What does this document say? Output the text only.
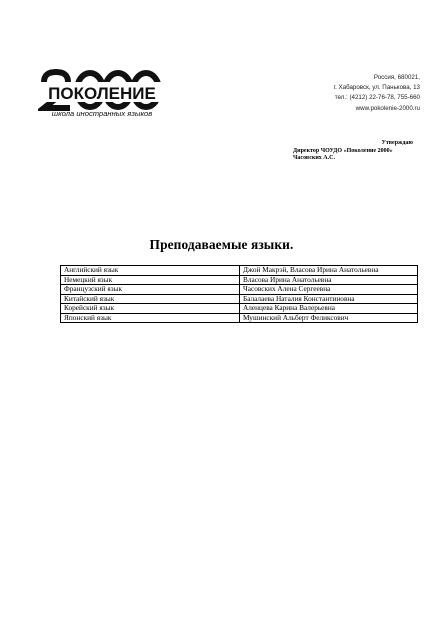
ПОКОЛЕНИЕ
школа иностранных языков
Россия, 680021,
г. Хабаровск, ул. Панькова, 13
тел.: (4212) 22-76-78, 755-660
www.pokolenie-2000.ru
Утверждаю
Директор ЧОУДО «Поколение 2000»
Часовских А.С.
Преподаваемые языки.
Английский язык	Джой Макрэй, Власова Ирина Анатольевна
Немецкий язык	Власова Ирина Анатольевна
Французский язык	Часовских Алена Сергеевна
Китайский язык	Балалаева Наталия Константиновна
Корейский язык	Аленцева Карина Валерьевна
Японский язык	Мушинский Альберт Феликсович
